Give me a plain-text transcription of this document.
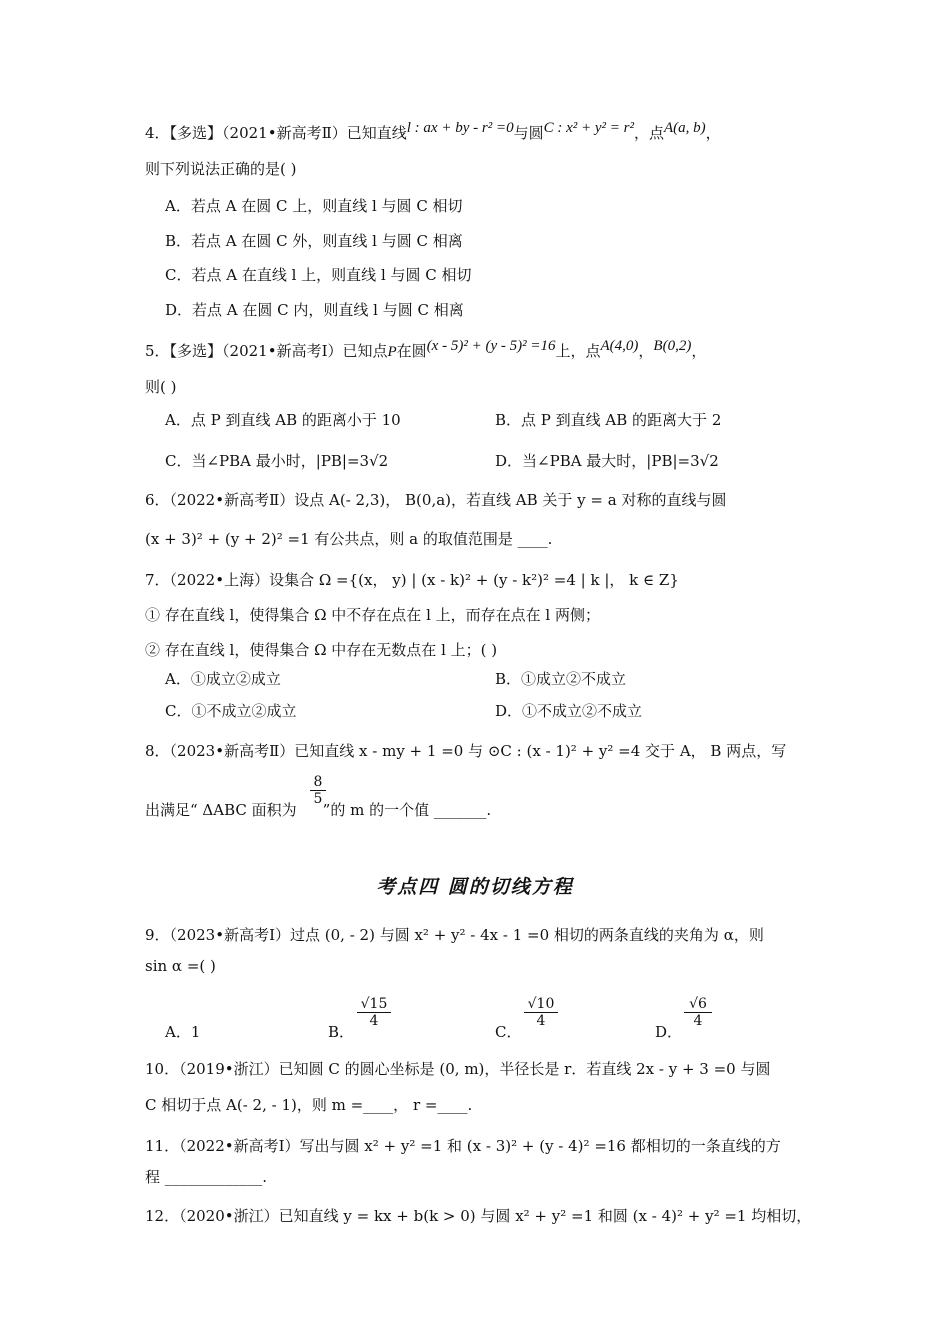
4．【多选】（2021•新高考Ⅱ）已知直线l : ax + by - r² =0与圆C : x² + y² = r²，点A(a, b)，
则下列说法正确的是( )
A．若点 A 在圆 C 上，则直线 l 与圆 C 相切
B．若点 A 在圆 C 外，则直线 l 与圆 C 相离
C．若点 A 在直线 l 上，则直线 l 与圆 C 相切
D．若点 A 在圆 C 内，则直线 l 与圆 C 相离
5．【多选】（2021•新高考Ⅰ）已知点P在圆(x - 5)² + (y - 5)² =16上，点A(4,0)，B(0,2)，
则( )
A．点 P 到直线 AB 的距离小于 10	B．点 P 到直线 AB 的距离大于 2
C．当∠PBA 最小时，|PB|=3√2	D．当∠PBA 最大时，|PB|=3√2
6．（2022•新高考Ⅱ）设点 A(- 2,3)， B(0,a)，若直线 AB 关于 y = a 对称的直线与圆
(x + 3)² + (y + 2)² =1 有公共点，则 a 的取值范围是 ____.
7．（2022•上海）设集合 Ω ={(x， y) | (x - k)² + (y - k²)² =4 | k |， k ∈ Z}
① 存在直线 l，使得集合 Ω 中不存在点在 l 上，而存在点在 l 两侧；
② 存在直线 l，使得集合 Ω 中存在无数点在 l 上；( )
A．①成立②成立	B．①成立②不成立
C．①不成立②成立	D．①不成立②不成立
8．（2023•新高考Ⅱ）已知直线 x - my + 1 =0 与 ⊙C : (x - 1)² + y² =4 交于 A， B 两点，写
出满足“ ΔABC 面积为 ”的 m 的一个值 _______.
$\frac{8}{5}$
考点四 圆的切线方程
9．（2023•新高考Ⅰ）过点 (0, - 2) 与圆 x² + y² - 4x - 1 =0 相切的两条直线的夹角为 α，则
sin α =( )
A．1	B．
$\frac{√15}{4}$
C．
$\frac{√10}{4}$
D．
$\frac{√6}{4}$
10．（2019•浙江）已知圆 C 的圆心坐标是 (0, m)，半径长是 r．若直线 2x - y + 3 =0 与圆
C 相切于点 A(- 2, - 1)，则 m =____， r =____.
11．（2022•新高考Ⅰ）写出与圆 x² + y² =1 和 (x - 3)² + (y - 4)² =16 都相切的一条直线的方
程 _____________.
12．（2020•浙江）已知直线 y = kx + b(k > 0) 与圆 x² + y² =1 和圆 (x - 4)² + y² =1 均相切，
